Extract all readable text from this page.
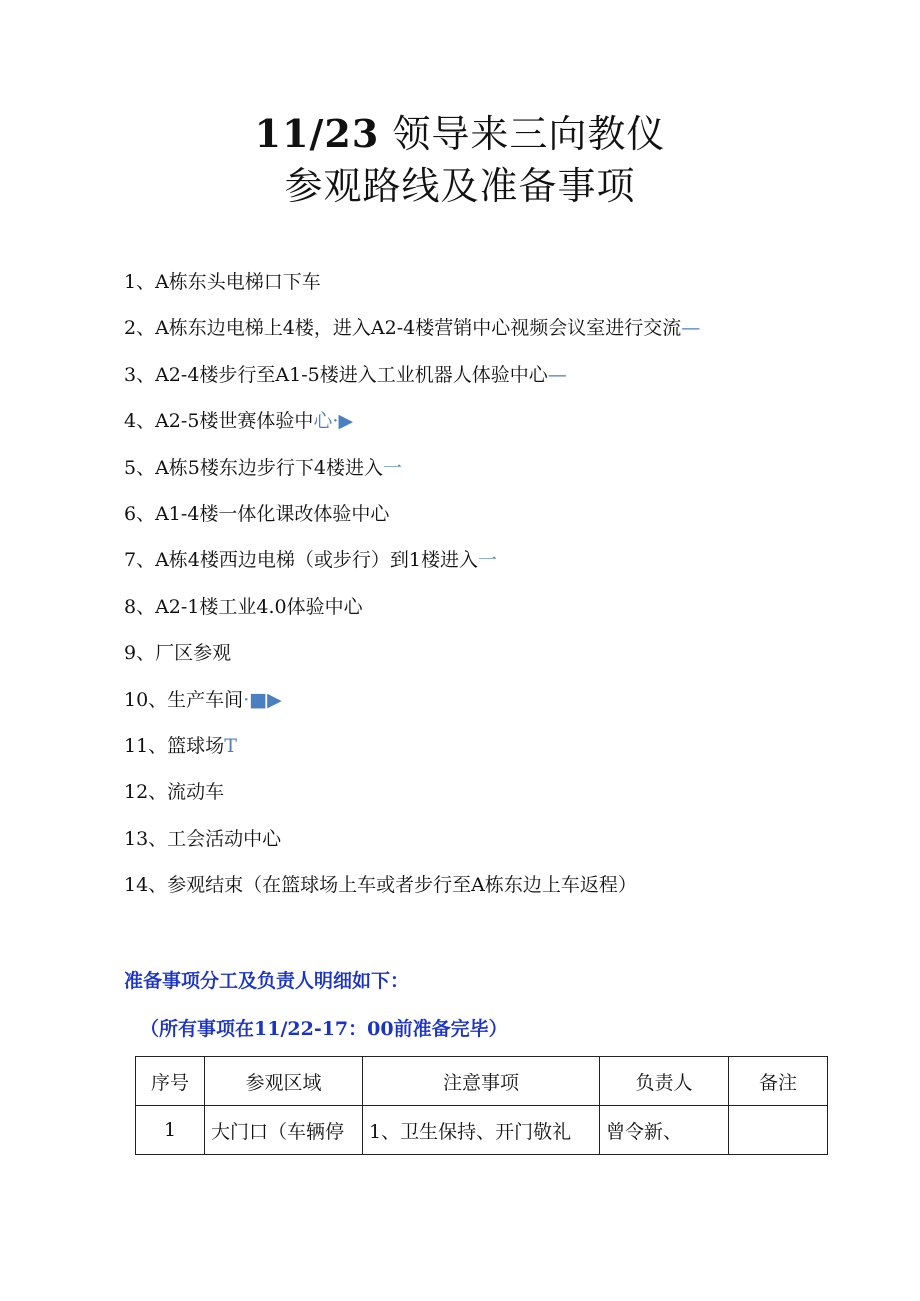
11/23 领导来三向教仪
参观路线及准备事项
1、A栋东头电梯口下车
2、A栋东边电梯上4楼，进入A2-4楼营销中心视频会议室进行交流—
3、A2-4楼步行至A1-5楼进入工业机器人体验中心—
4、A2-5楼世赛体验中心·▶
5、A栋5楼东边步行下4楼进入一
6、A1-4楼一体化课改体验中心
7、A栋4楼西边电梯（或步行）到1楼进入一
8、A2-1楼工业4.0体验中心
9、厂区参观
10、生产车间·■▶
11、篮球场T
12、流动车
13、工会活动中心
14、参观结束（在篮球场上车或者步行至A栋东边上车返程）
准备事项分工及负责人明细如下：
（所有事项在11/22-17：00前准备完毕）
序号	参观区域	注意事项	负责人	备注
1	大门口（车辆停	1、卫生保持、开门敬礼	曾令新、	
